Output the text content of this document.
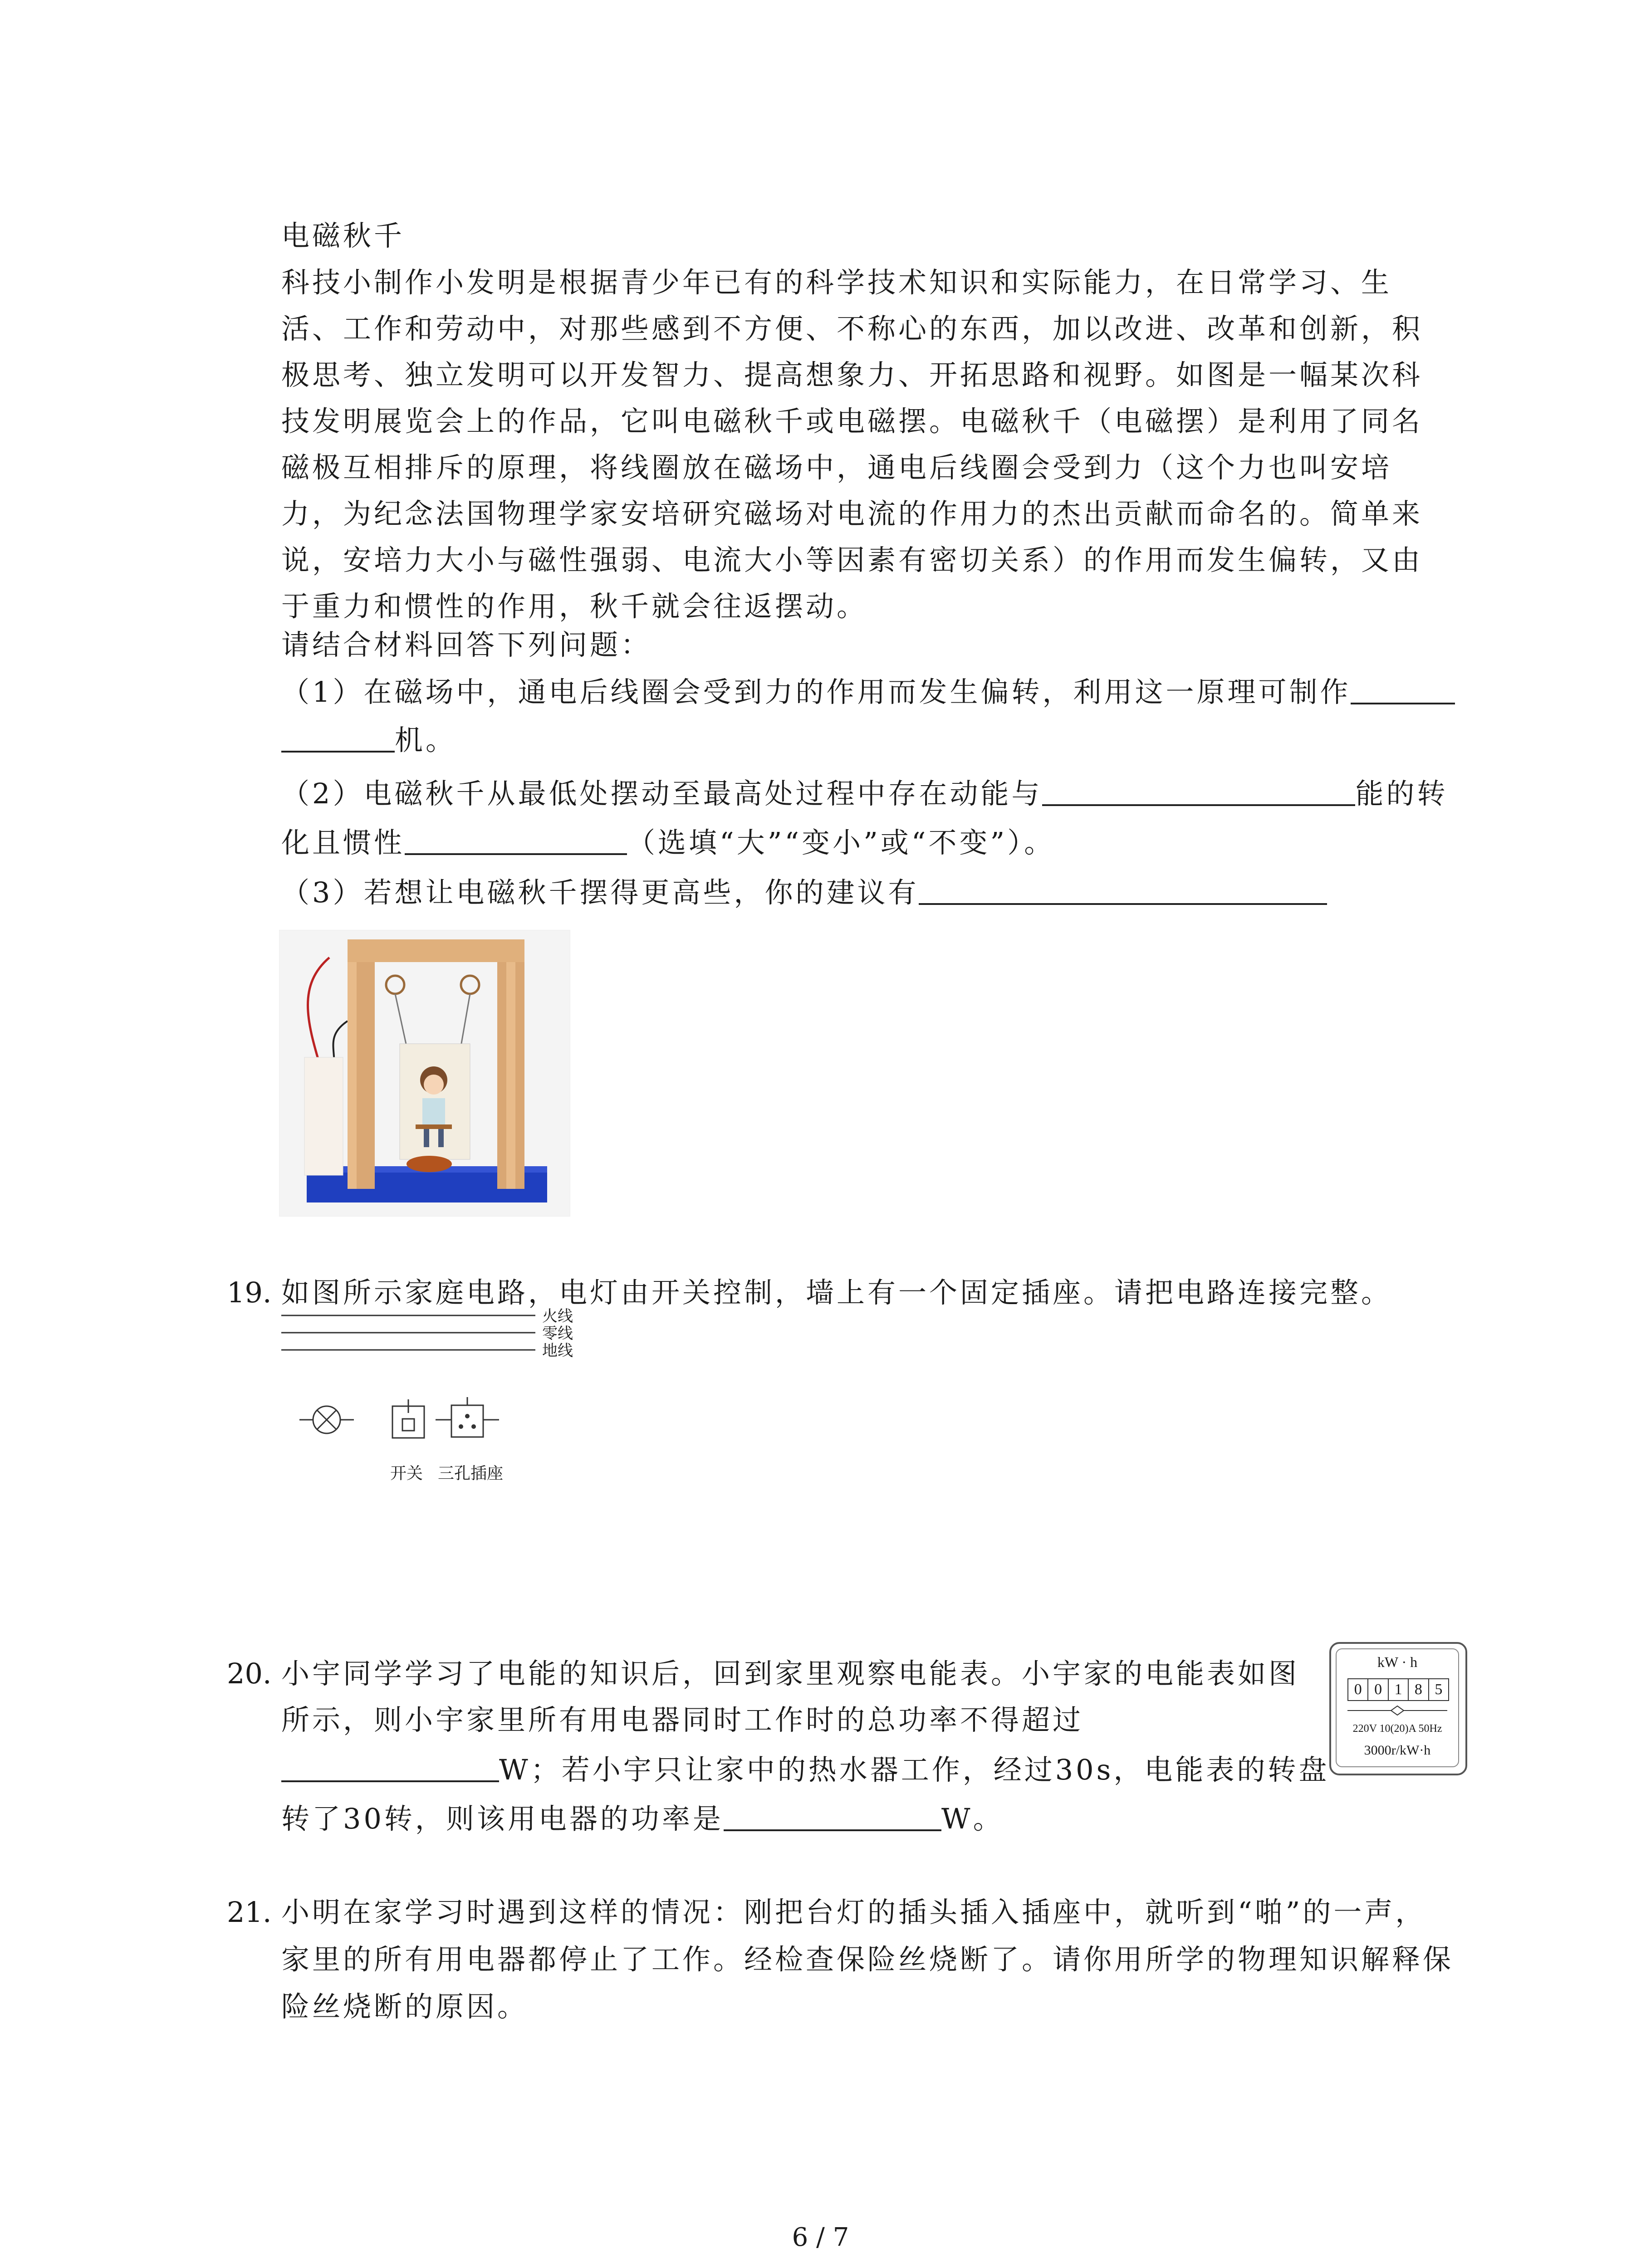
电磁秋千
科技小制作小发明是根据青少年已有的科学技术知识和实际能力，在日常学习、生活、工作和劳动中，对那些感到不方便、不称心的东西，加以改进、改革和创新，积极思考、独立发明可以开发智力、提高想象力、开拓思路和视野。如图是一幅某次科技发明展览会上的作品，它叫电磁秋千或电磁摆。电磁秋千（电磁摆）是利用了同名磁极互相排斥的原理，将线圈放在磁场中，通电后线圈会受到力（这个力也叫安培力，为纪念法国物理学家安培研究磁场对电流的作用力的杰出贡献而命名的。简单来说，安培力大小与磁性强弱、电流大小等因素有密切关系）的作用而发生偏转，又由于重力和惯性的作用，秋千就会往返摆动。
请结合材料回答下列问题：
（1）在磁场中，通电后线圈会受到力的作用而发生偏转，利用这一原理可制作
机。
（2）电磁秋千从最低处摆动至最高处过程中存在动能与	能的转
化且惯性	（选填“大”“变小”或“不变”）。
（3）若想让电磁秋千摆得更高些，你的建议有
19. 如图所示家庭电路，电灯由开关控制，墙上有一个固定插座。请把电路连接完整。
火线
零线
地线
开关 三孔插座
20. 小宇同学学习了电能的知识后，回到家里观察电能表。小宇家的电能表如图
所示，则小宇家里所有用电器同时工作时的总功率不得超过
W；若小宇只让家中的热水器工作，经过30s，电能表的转盘
转了30转，则该用电器的功率是	W。
kW · h
0 0 1 8 5
220V 10(20)A 50Hz
3000r/kW·h
21. 小明在家学习时遇到这样的情况：刚把台灯的插头插入插座中，就听到“啪”的一声，
家里的所有用电器都停止了工作。经检查保险丝烧断了。请你用所学的物理知识解释保
险丝烧断的原因。
6 / 7
